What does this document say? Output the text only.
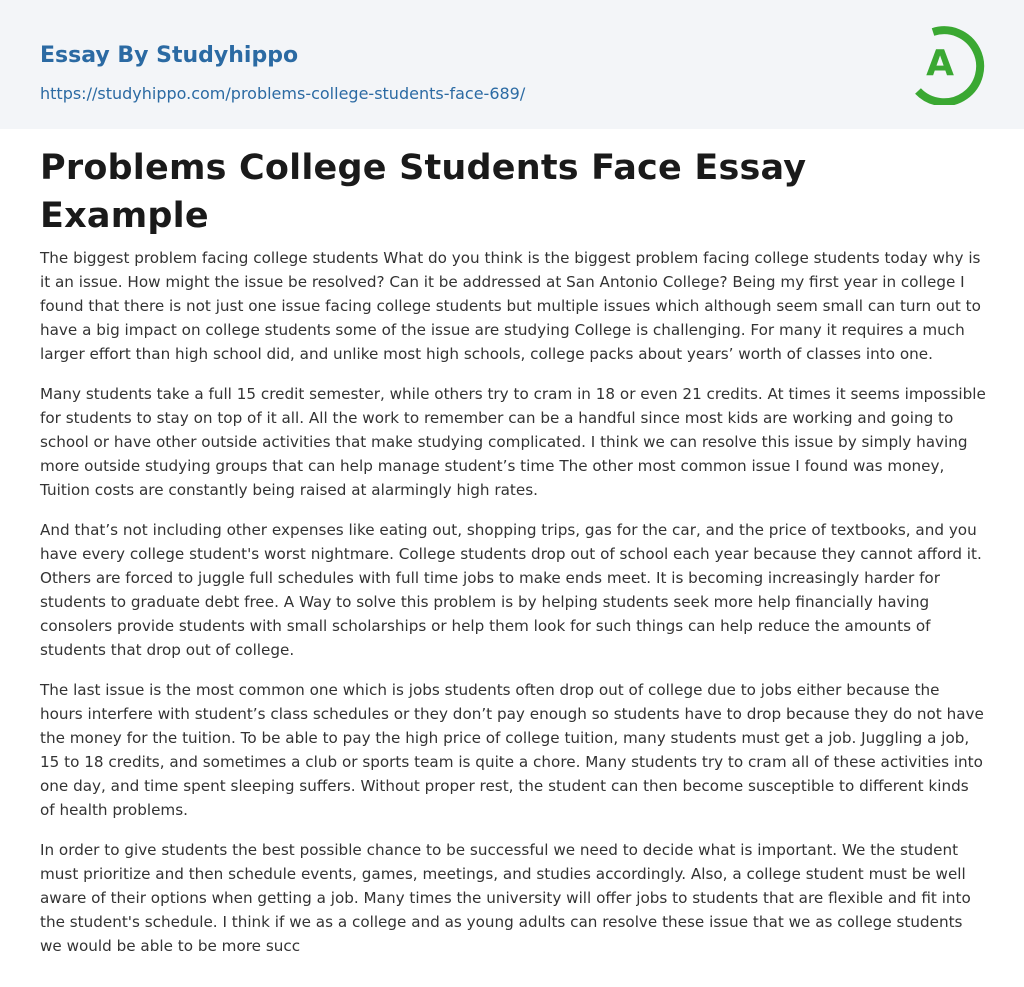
Essay By Studyhippo
https://studyhippo.com/problems-college-students-face-689/
A
Problems College Students Face Essay Example

The biggest problem facing college students What do you think is the biggest problem facing college students today why is it an issue. How might the issue be resolved? Can it be addressed at San Antonio College? Being my first year in college I found that there is not just one issue facing college students but multiple issues which although seem small can turn out to have a big impact on college students some of the issue are studying College is challenging. For many it requires a much larger effort than high school did, and unlike most high schools, college packs about years’ worth of classes into one.

Many students take a full 15 credit semester, while others try to cram in 18 or even 21 credits. At times it seems impossible for students to stay on top of it all. All the work to remember can be a handful since most kids are working and going to school or have other outside activities that make studying complicated. I think we can resolve this issue by simply having more outside studying groups that can help manage student’s time The other most common issue I found was money, Tuition costs are constantly being raised at alarmingly high rates.

And that’s not including other expenses like eating out, shopping trips, gas for the car, and the price of textbooks, and you have every college student's worst nightmare. College students drop out of school each year because they cannot afford it. Others are forced to juggle full schedules with full time jobs to make ends meet. It is becoming increasingly harder for students to graduate debt free. A Way to solve this problem is by helping students seek more help financially having consolers provide students with small scholarships or help them look for such things can help reduce the amounts of students that drop out of college.

The last issue is the most common one which is jobs students often drop out of college due to jobs either because the hours interfere with student’s class schedules or they don’t pay enough so students have to drop because they do not have the money for the tuition. To be able to pay the high price of college tuition, many students must get a job. Juggling a job, 15 to 18 credits, and sometimes a club or sports team is quite a chore. Many students try to cram all of these activities into one day, and time spent sleeping suffers. Without proper rest, the student can then become susceptible to different kinds of health problems.

In order to give students the best possible chance to be successful we need to decide what is important. We the student must prioritize and then schedule events, games, meetings, and studies accordingly. Also, a college student must be well aware of their options when getting a job. Many times the university will offer jobs to students that are flexible and fit into the student's schedule. I think if we as a college and as young adults can resolve these issue that we as college students we would be able to be more succ
